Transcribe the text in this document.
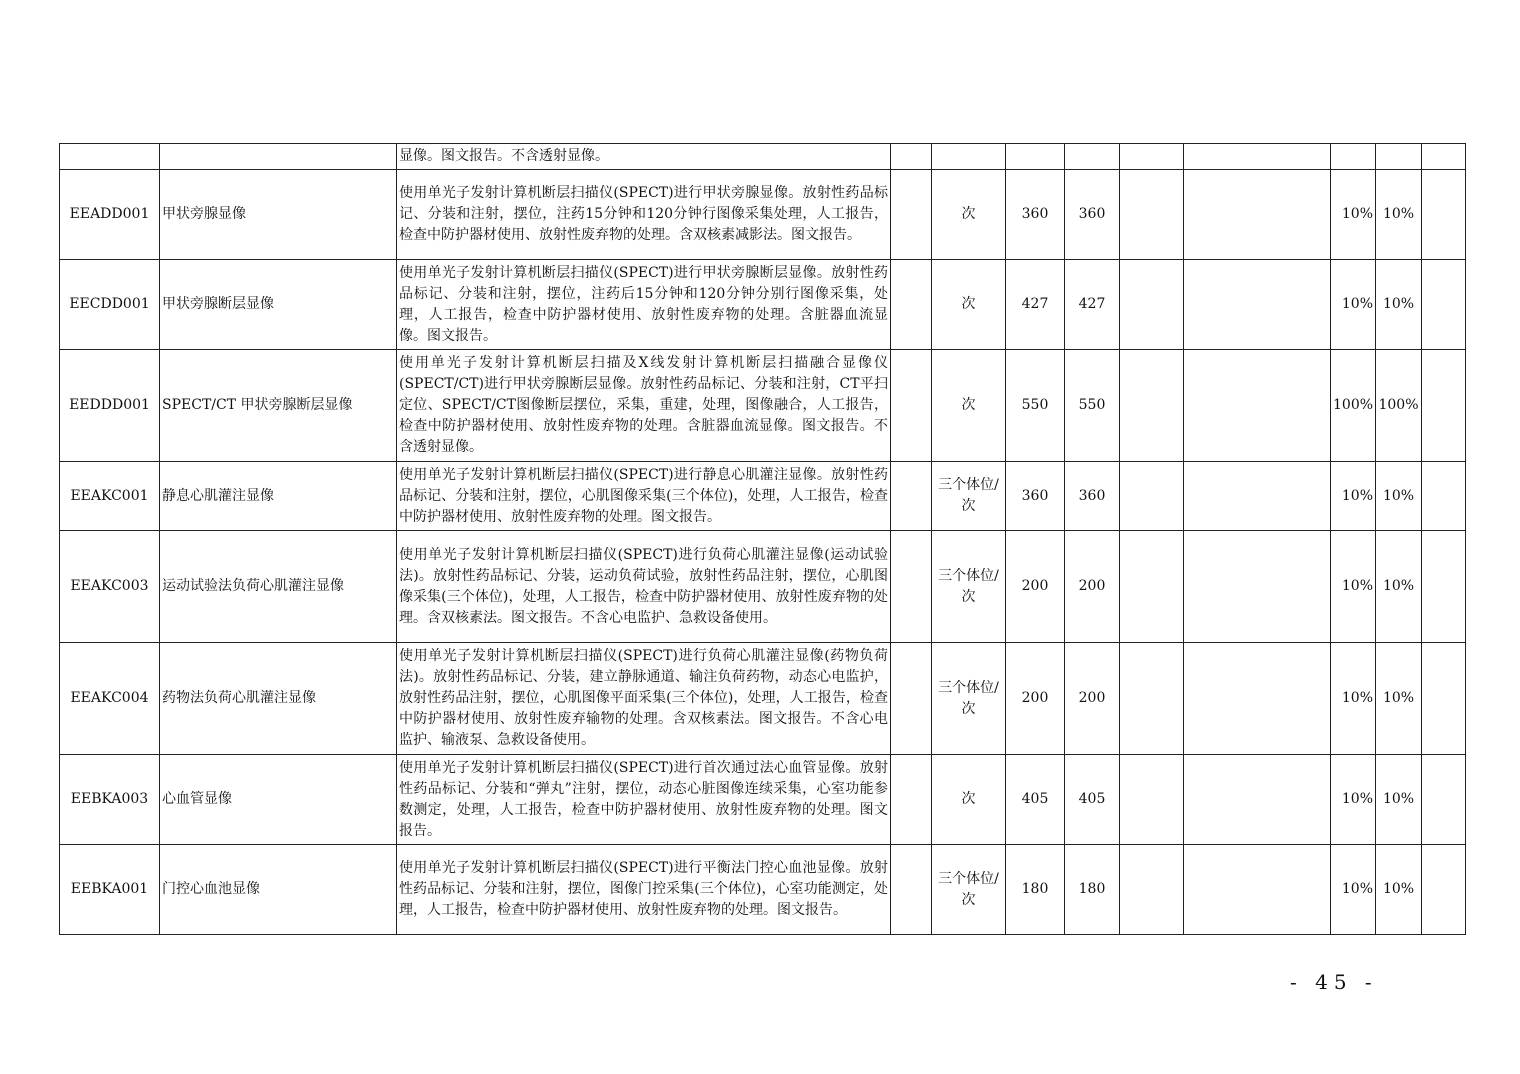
		显像。图文报告。不含透射显像。									
EEADD001	甲状旁腺显像	使用单光子发射计算机断层扫描仪(SPECT)进行甲状旁腺显像。放射性药品标记、分装和注射，摆位，注药15分钟和120分钟行图像采集处理，人工报告，检查中防护器材使用、放射性废弃物的处理。含双核素减影法。图文报告。		次	360	360			10%	10%	
EECDD001	甲状旁腺断层显像	使用单光子发射计算机断层扫描仪(SPECT)进行甲状旁腺断层显像。放射性药品标记、分装和注射，摆位，注药后15分钟和120分钟分别行图像采集，处理，人工报告，检查中防护器材使用、放射性废弃物的处理。含脏器血流显像。图文报告。		次	427	427			10%	10%	
EEDDD001	SPECT/CT 甲状旁腺断层显像	使用单光子发射计算机断层扫描及X线发射计算机断层扫描融合显像仪(SPECT/CT)进行甲状旁腺断层显像。放射性药品标记、分装和注射，CT平扫定位、SPECT/CT图像断层摆位，采集，重建，处理，图像融合，人工报告，检查中防护器材使用、放射性废弃物的处理。含脏器血流显像。图文报告。不含透射显像。		次	550	550			100%	100%	
EEAKC001	静息心肌灌注显像	使用单光子发射计算机断层扫描仪(SPECT)进行静息心肌灌注显像。放射性药品标记、分装和注射，摆位，心肌图像采集(三个体位)，处理，人工报告，检查中防护器材使用、放射性废弃物的处理。图文报告。		三个体位/次	360	360			10%	10%	
EEAKC003	运动试验法负荷心肌灌注显像	使用单光子发射计算机断层扫描仪(SPECT)进行负荷心肌灌注显像(运动试验法)。放射性药品标记、分装，运动负荷试验，放射性药品注射，摆位，心肌图像采集(三个体位)，处理，人工报告，检查中防护器材使用、放射性废弃物的处理。含双核素法。图文报告。不含心电监护、急救设备使用。		三个体位/次	200	200			10%	10%	
EEAKC004	药物法负荷心肌灌注显像	使用单光子发射计算机断层扫描仪(SPECT)进行负荷心肌灌注显像(药物负荷法)。放射性药品标记、分装，建立静脉通道、输注负荷药物，动态心电监护，放射性药品注射，摆位，心肌图像平面采集(三个体位)，处理，人工报告，检查中防护器材使用、放射性废弃输物的处理。含双核素法。图文报告。不含心电监护、输液泵、急救设备使用。		三个体位/次	200	200			10%	10%	
EEBKA003	心血管显像	使用单光子发射计算机断层扫描仪(SPECT)进行首次通过法心血管显像。放射性药品标记、分装和“弹丸”注射，摆位，动态心脏图像连续采集，心室功能参数测定，处理，人工报告，检查中防护器材使用、放射性废弃物的处理。图文报告。		次	405	405			10%	10%	
EEBKA001	门控心血池显像	使用单光子发射计算机断层扫描仪(SPECT)进行平衡法门控心血池显像。放射性药品标记、分装和注射，摆位，图像门控采集(三个体位)，心室功能测定，处理，人工报告，检查中防护器材使用、放射性废弃物的处理。图文报告。		三个体位/次	180	180			10%	10%	
- 45 -
